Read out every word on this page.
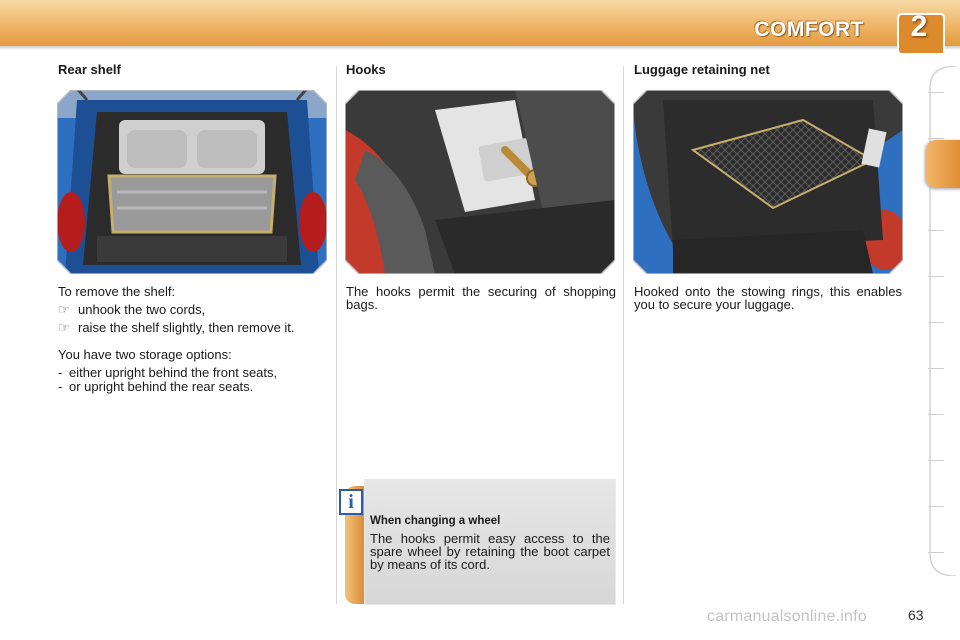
COMFORT 2
Rear shelf	Hooks	Luggage retaining net
To remove the shelf:
☞ unhook the two cords,
☞ raise the shelf slightly, then remove it.
You have two storage options:
- either upright behind the front seats,
- or upright behind the rear seats.
The hooks permit the securing of shopping bags.
Hooked onto the stowing rings, this enables you to secure your luggage.
i
When changing a wheel
The hooks permit easy access to the spare wheel by retaining the boot carpet by means of its cord.
63
carmanualsonline.info
